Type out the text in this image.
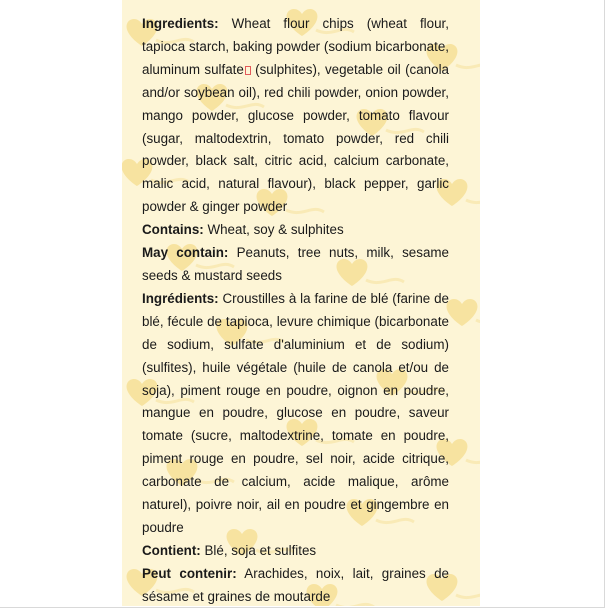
Ingredients: Wheat flour chips (wheat flour, tapioca starch, baking powder (sodium bicarbonate, aluminum sulfate (sulphites), vegetable oil (canola and/or soybean oil), red chili powder, onion powder, mango powder, glucose powder, tomato flavour (sugar, maltodextrin, tomato powder, red chili powder, black salt, citric acid, calcium carbonate, malic acid, natural flavour), black pepper, garlic powder & ginger powder

Contains: Wheat, soy & sulphites

May contain: Peanuts, tree nuts, milk, sesame seeds & mustard seeds

Ingrédients: Croustilles à la farine de blé (farine de blé, fécule de tapioca, levure chimique (bicarbonate de sodium, sulfate d'aluminium et de sodium) (sulfites), huile végétale (huile de canola et/ou de soja), piment rouge en poudre, oignon en poudre, mangue en poudre, glucose en poudre, saveur tomate (sucre, maltodextrine, tomate en poudre, piment rouge en poudre, sel noir, acide citrique, carbonate de calcium, acide malique, arôme naturel), poivre noir, ail en poudre et gingembre en poudre

Contient: Blé, soja et sulfites

Peut contenir: Arachides, noix, lait, graines de sésame et graines de moutarde
